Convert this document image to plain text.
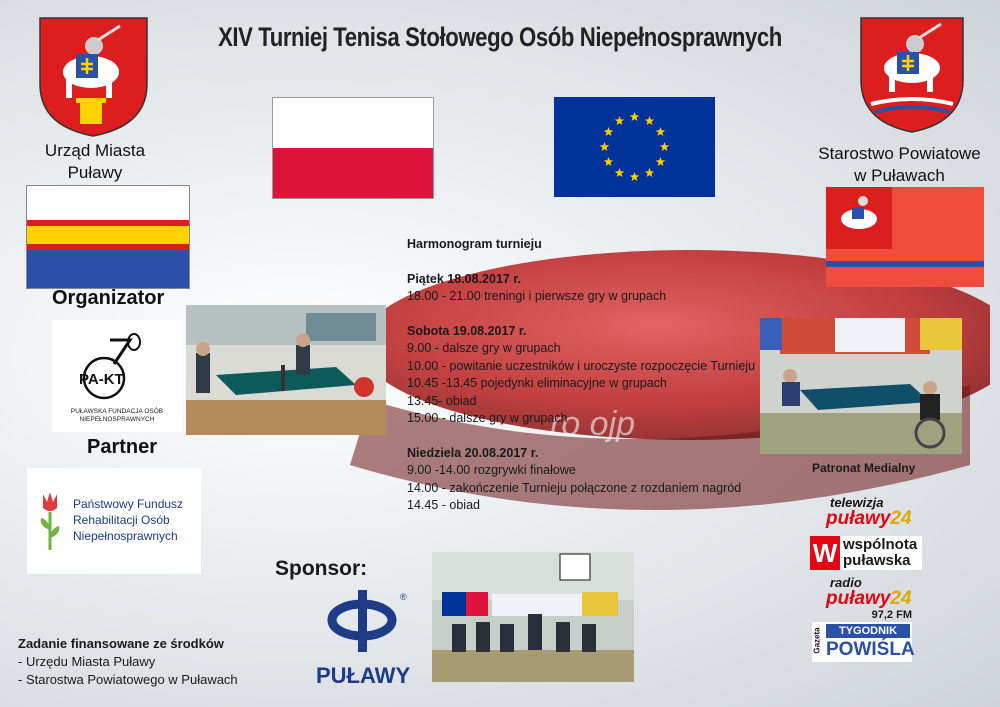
ro ojp
XIV Turniej Tenisa Stołowego Osób Niepełnosprawnych
Urząd Miasta
Puławy
Starostwo Powiatowe
w Puławach
Organizator
PA-KT
PUŁAWSKA FUNDACJA OSÓB NIEPEŁNOSPRAWNYCH
Partner
Państwowy Fundusz
Rehabilitacji Osób
Niepełnosprawnych
Harmonogram turnieju
Piątek 18.08.2017 r.
18.00 - 21.00 treningi i pierwsze gry w grupach
Sobota 19.08.2017 r.
9.00 - dalsze gry w grupach
10.00 - powitanie uczestników i uroczyste rozpoczęcie Turnieju
10.45 -13.45 pojedynki eliminacyjne w grupach
13.45- obiad
15.00 - dalsze gry w grupach
Niedziela 20.08.2017 r.
9.00 -14.00 rozgrywki finałowe
14.00 - zakończenie Turnieju połączone z rozdaniem nagród
14.45 - obiad
Sponsor:
®
PUŁAWY
Patronat Medialny
telewizja
puławy24
W wspólnota
puławska
radio
puławy24
97,2 FM
Gazeta	TYGODNIK
POWIŚLA
Zadanie finansowane ze środków
- Urzędu Miasta Puławy
- Starostwa Powiatowego w Puławach
